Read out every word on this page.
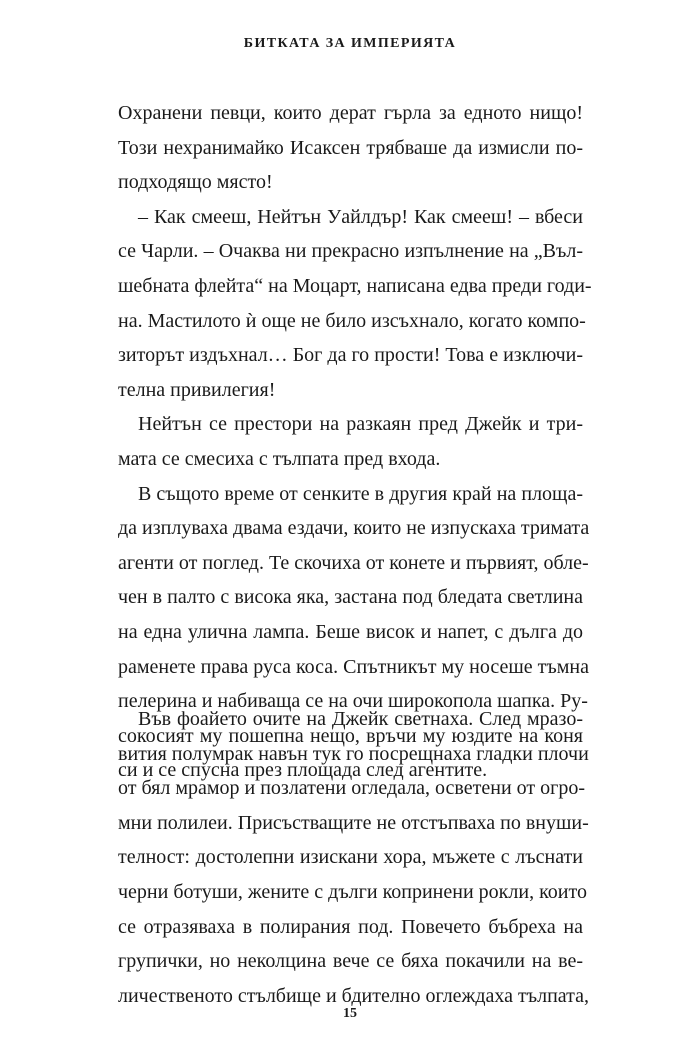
БИТКАТА ЗА ИМПЕРИЯТА
Охранени певци, които дерат гърла за едното нищо!
Този нехранимайко Исаксен трябваше да измисли по-
подходящо място!
– Как смееш, Нейтън Уайлдър! Как смееш! – вбеси
се Чарли. – Очаква ни прекрасно изпълнение на „Въл-
шебната флейта“ на Моцарт, написана едва преди годи-
на. Мастилото ѝ още не било изсъхнало, когато компо-
зиторът издъхнал… Бог да го прости! Това е изключи-
телна привилегия!
Нейтън се престори на разкаян пред Джейк и три-
мата се смесиха с тълпата пред входа.
В същото време от сенките в другия край на площа-
да изплуваха двама ездачи, които не изпускаха тримата
агенти от поглед. Те скочиха от конете и първият, обле-
чен в палто с висока яка, застана под бледата светлина
на една улична лампа. Беше висок и напет, с дълга до
раменете права руса коса. Спътникът му носеше тъмна
пелерина и набиваща се на очи широкопола шапка. Ру-
сокосият му пошепна нещо, връчи му юздите на коня
си и се спусна през площада след агентите.
Във фоайето очите на Джейк светнаха. След мразо-
вития полумрак навън тук го посрещнаха гладки плочи
от бял мрамор и позлатени огледала, осветени от огро-
мни полилеи. Присъстващите не отстъпваха по внуши-
телност: достолепни изискани хора, мъжете с лъснати
черни ботуши, жените с дълги копринени рокли, които
се отразяваха в полирания под. Повечето бъбреха на
групички, но неколцина вече се бяха покачили на ве-
личественото стълбище и бдително оглеждаха тълпата,
15
